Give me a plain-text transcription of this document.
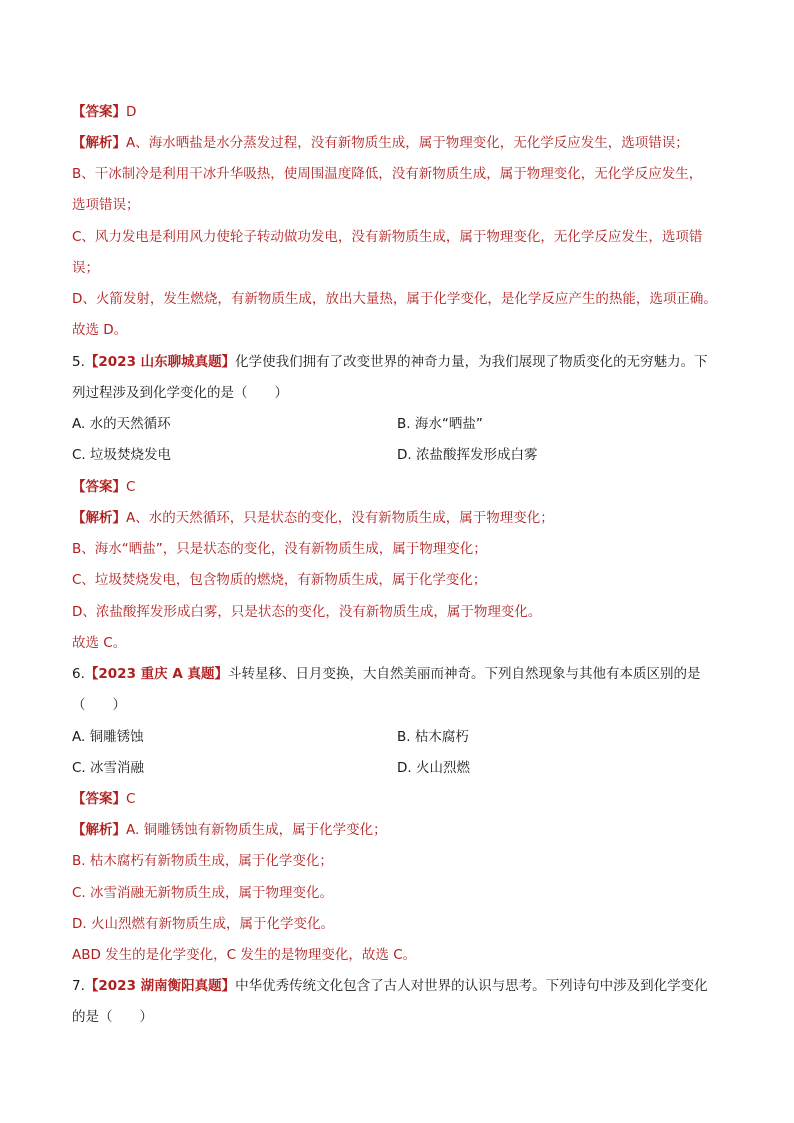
【答案】D
【解析】A、海水晒盐是水分蒸发过程，没有新物质生成，属于物理变化，无化学反应发生，选项错误；
B、干冰制冷是利用干冰升华吸热，使周围温度降低，没有新物质生成，属于物理变化，无化学反应发生，
选项错误；
C、风力发电是利用风力使轮子转动做功发电，没有新物质生成，属于物理变化，无化学反应发生，选项错
误；
D、火箭发射，发生燃烧，有新物质生成，放出大量热，属于化学变化，是化学反应产生的热能，选项正确。
故选 D。
5.【2023 山东聊城真题】化学使我们拥有了改变世界的神奇力量，为我们展现了物质变化的无穷魅力。下
列过程涉及到化学变化的是（　　）
A. 水的天然循环	B. 海水“晒盐”
C. 垃圾焚烧发电	D. 浓盐酸挥发形成白雾
【答案】C
【解析】A、水的天然循环，只是状态的变化，没有新物质生成，属于物理变化；
B、海水“晒盐”，只是状态的变化，没有新物质生成，属于物理变化；
C、垃圾焚烧发电，包含物质的燃烧，有新物质生成，属于化学变化；
D、浓盐酸挥发形成白雾，只是状态的变化，没有新物质生成，属于物理变化。
故选 C。
6.【2023 重庆 A 真题】斗转星移、日月变换，大自然美丽而神奇。下列自然现象与其他有本质区别的是
（　　）
A. 铜雕锈蚀	B. 枯木腐朽
C. 冰雪消融	D. 火山烈燃
【答案】C
【解析】A. 铜雕锈蚀有新物质生成，属于化学变化；
B. 枯木腐朽有新物质生成，属于化学变化；
C. 冰雪消融无新物质生成，属于物理变化。
D. 火山烈燃有新物质生成，属于化学变化。
ABD 发生的是化学变化，C 发生的是物理变化，故选 C。
7.【2023 湖南衡阳真题】中华优秀传统文化包含了古人对世界的认识与思考。下列诗句中涉及到化学变化
的是（　　）
